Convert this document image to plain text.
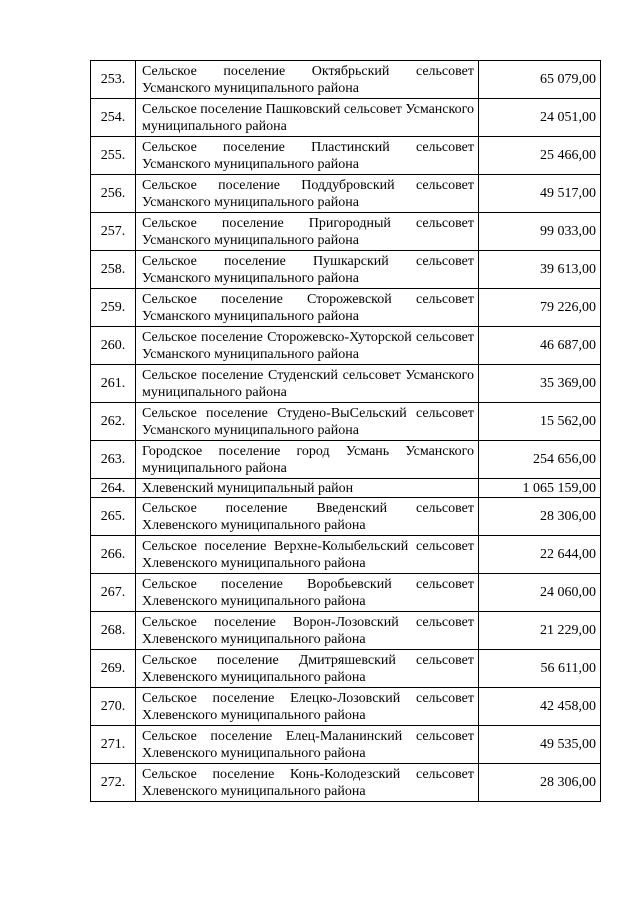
253.	Сельское поселение Октябрьский сельсовет Усманского муниципального района	65 079,00
254.	Сельское поселение Пашковский сельсовет Усманского муниципального района	24 051,00
255.	Сельское поселение Пластинский сельсовет Усманского муниципального района	25 466,00
256.	Сельское поселение Поддубровский сельсовет Усманского муниципального района	49 517,00
257.	Сельское поселение Пригородный сельсовет Усманского муниципального района	99 033,00
258.	Сельское поселение Пушкарский сельсовет Усманского муниципального района	39 613,00
259.	Сельское поселение Сторожевской сельсовет Усманского муниципального района	79 226,00
260.	Сельское поселение Сторожевско-Хуторской сельсовет Усманского муниципального района	46 687,00
261.	Сельское поселение Студенский сельсовет Усманского муниципального района	35 369,00
262.	Сельское поселение Студено-ВыСельский сельсовет Усманского муниципального района	15 562,00
263.	Городское поселение город Усмань Усманского муниципального района	254 656,00
264.	Хлевенский муниципальный район	1 065 159,00
265.	Сельское поселение Введенский сельсовет Хлевенского муниципального района	28 306,00
266.	Сельское поселение Верхне-Колыбельский сельсовет Хлевенского муниципального района	22 644,00
267.	Сельское поселение Воробьевский сельсовет Хлевенского муниципального района	24 060,00
268.	Сельское поселение Ворон-Лозовский сельсовет Хлевенского муниципального района	21 229,00
269.	Сельское поселение Дмитряшевский сельсовет Хлевенского муниципального района	56 611,00
270.	Сельское поселение Елецко-Лозовский сельсовет Хлевенского муниципального района	42 458,00
271.	Сельское поселение Елец-Маланинский сельсовет Хлевенского муниципального района	49 535,00
272.	Сельское поселение Конь-Колодезский сельсовет Хлевенского муниципального района	28 306,00
